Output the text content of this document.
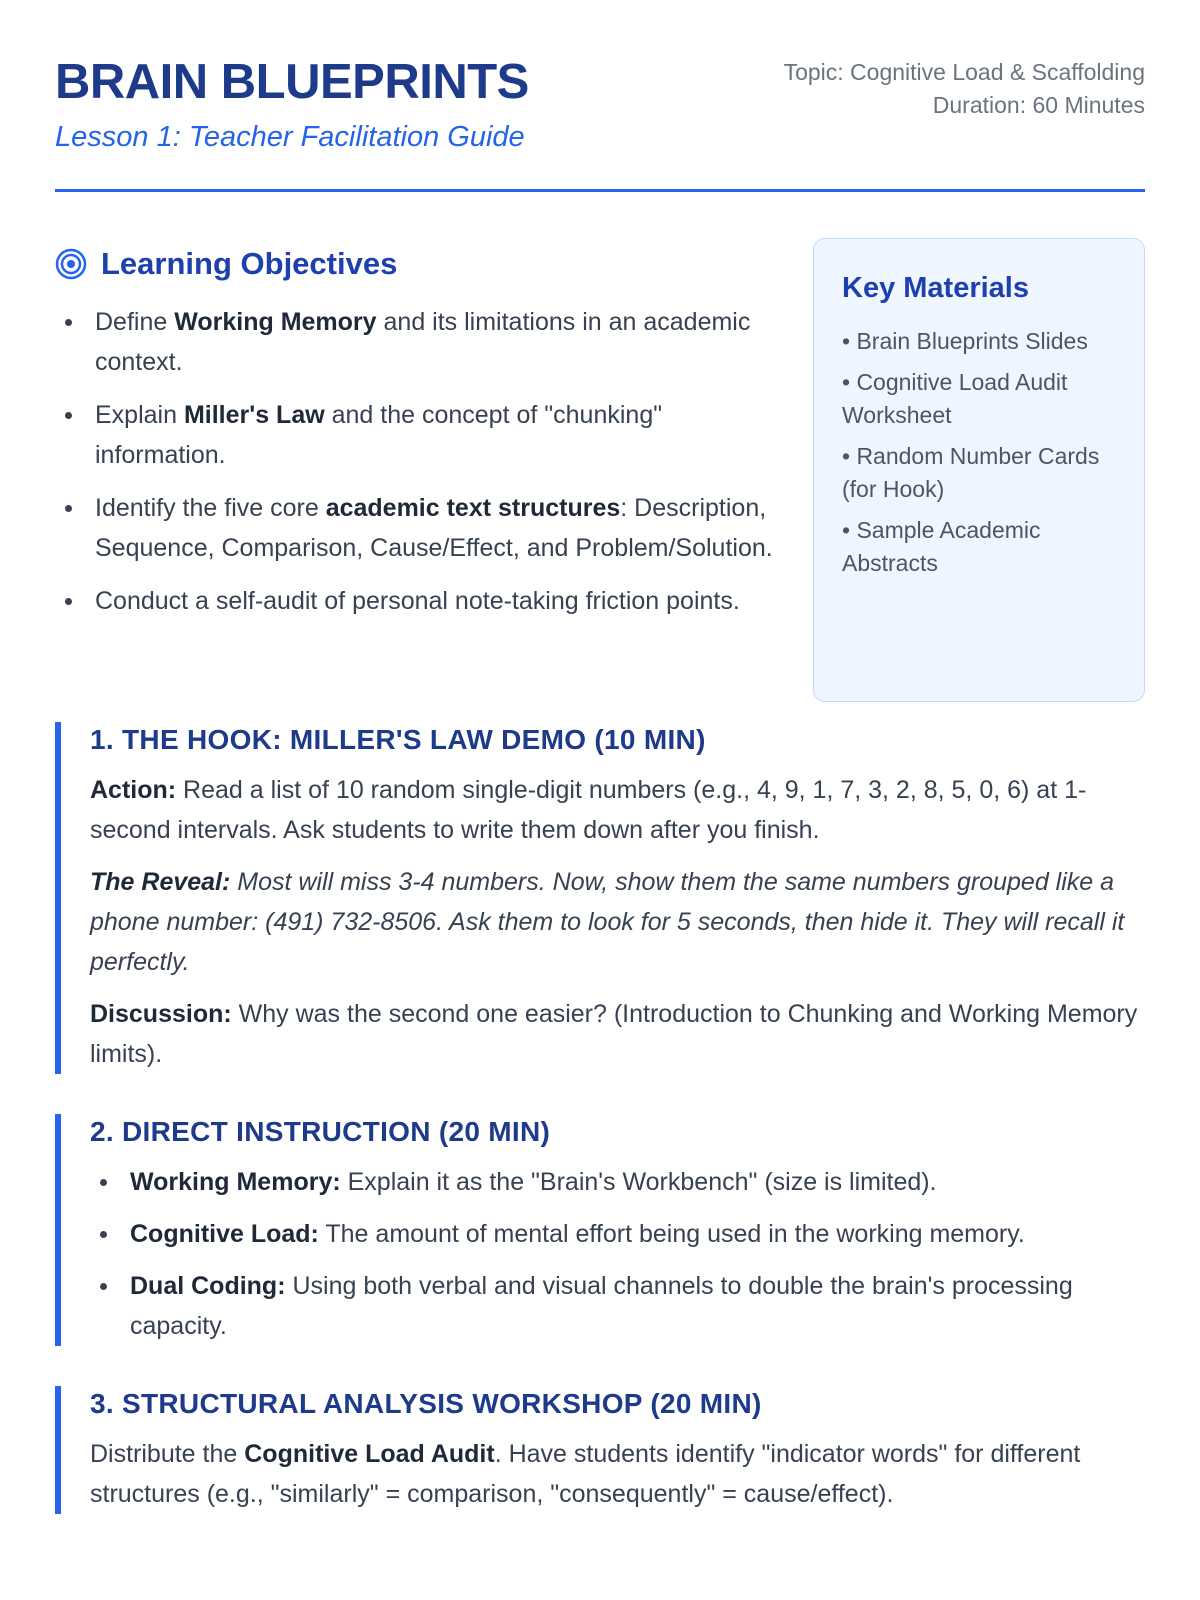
BRAIN BLUEPRINTS
Lesson 1: Teacher Facilitation Guide
Topic: Cognitive Load & Scaffolding
Duration: 60 Minutes
Learning Objectives
Define Working Memory and its limitations in an academic context.
Explain Miller's Law and the concept of "chunking" information.
Identify the five core academic text structures: Description, Sequence, Comparison, Cause/Effect, and Problem/Solution.
Conduct a self-audit of personal note-taking friction points.
Key Materials
• Brain Blueprints Slides
• Cognitive Load Audit Worksheet
• Random Number Cards (for Hook)
• Sample Academic Abstracts
1. THE HOOK: MILLER'S LAW DEMO (10 MIN)

Action: Read a list of 10 random single-digit numbers (e.g., 4, 9, 1, 7, 3, 2, 8, 5, 0, 6) at 1-second intervals. Ask students to write them down after you finish.

The Reveal: Most will miss 3-4 numbers. Now, show them the same numbers grouped like a phone number: (491) 732-8506. Ask them to look for 5 seconds, then hide it. They will recall it perfectly.

Discussion: Why was the second one easier? (Introduction to Chunking and Working Memory limits).

2. DIRECT INSTRUCTION (20 MIN)
Working Memory: Explain it as the "Brain's Workbench" (size is limited).
Cognitive Load: The amount of mental effort being used in the working memory.
Dual Coding: Using both verbal and visual channels to double the brain's processing capacity.
3. STRUCTURAL ANALYSIS WORKSHOP (20 MIN)

Distribute the Cognitive Load Audit. Have students identify "indicator words" for different structures (e.g., "similarly" = comparison, "consequently" = cause/effect).
